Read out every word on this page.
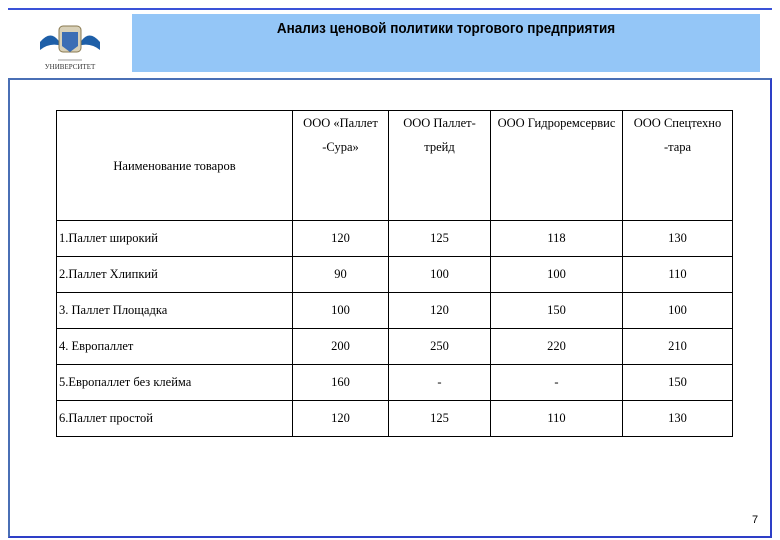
УНИВЕРСИТЕТ
Анализ ценовой политики торгового предприятия
Наименование товаров	ООО «Паллет -Сура»	ООО Паллет-трейд	ООО Гидроремсервис	ООО Спецтехно -тара
1.Паллет широкий	120	125	118	130
2.Паллет Хлипкий	90	100	100	110
3. Паллет Площадка	100	120	150	100
4. Европаллет	200	250	220	210
5.Европаллет без клейма	160	-	-	150
6.Паллет простой	120	125	110	130
7
